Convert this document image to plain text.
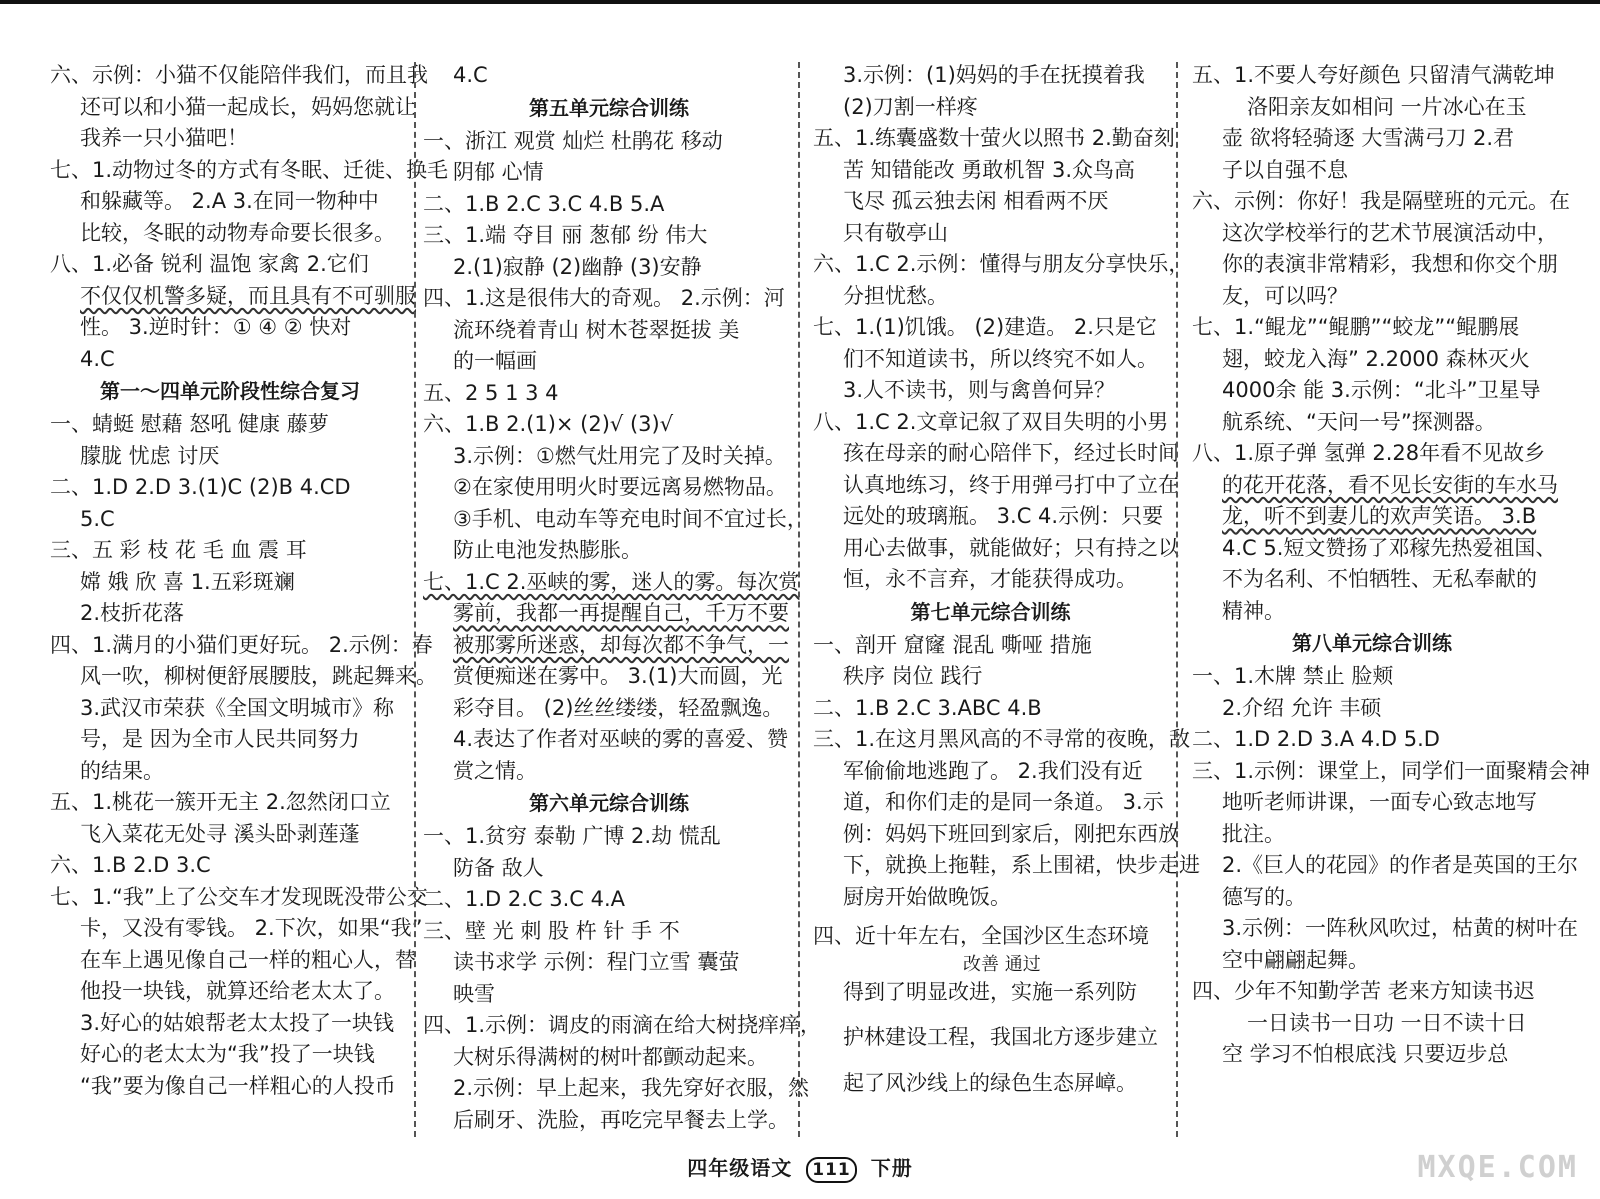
六、示例：小猫不仅能陪伴我们，而且我

还可以和小猫一起成长，妈妈您就让

我养一只小猫吧！

七、1.动物过冬的方式有冬眠、迁徙、换毛

和躲藏等。 2.A 3.在同一物种中

比较，冬眠的动物寿命要长很多。

八、1.必备 锐利 温饱 家禽 2.它们

不仅仅机警多疑，而且具有不可驯服

性。 3.逆时针：① ④ ② 快对

4.C

第一～四单元阶段性综合复习

一、蜻蜓 慰藉 怒吼 健康 藤萝

朦胧 忧虑 讨厌

二、1.D 2.D 3.(1)C (2)B 4.CD

5.C

三、五 彩 枝 花 毛 血 震 耳

嫦 娥 欣 喜 1.五彩斑斓

2.枝折花落

四、1.满月的小猫们更好玩。 2.示例：春

风一吹，柳树便舒展腰肢，跳起舞来。

3.武汉市荣获《全国文明城市》称

号，是 因为全市人民共同努力

的结果。

五、1.桃花一簇开无主 2.忽然闭口立

飞入菜花无处寻 溪头卧剥莲蓬

六、1.B 2.D 3.C

七、1.“我”上了公交车才发现既没带公交

卡，又没有零钱。 2.下次，如果“我”

在车上遇见像自己一样的粗心人，替

他投一块钱，就算还给老太太了。

3.好心的姑娘帮老太太投了一块钱

好心的老太太为“我”投了一块钱

“我”要为像自己一样粗心的人投币

4.C

第五单元综合训练

一、浙江 观赏 灿烂 杜鹃花 移动

阴郁 心情

二、1.B 2.C 3.C 4.B 5.A

三、1.端 夺目 丽 葱郁 纷 伟大

2.(1)寂静 (2)幽静 (3)安静

四、1.这是很伟大的奇观。 2.示例：河

流环绕着青山 树木苍翠挺拔 美

的一幅画

五、2 5 1 3 4

六、1.B 2.(1)× (2)√ (3)√

3.示例：①燃气灶用完了及时关掉。

②在家使用明火时要远离易燃物品。

③手机、电动车等充电时间不宜过长，

防止电池发热膨胀。

七、1.C 2.巫峡的雾，迷人的雾。每次赏

雾前，我都一再提醒自己，千万不要

被那雾所迷惑，却每次都不争气，一

赏便痴迷在雾中。 3.(1)大而圆，光

彩夺目。 (2)丝丝缕缕，轻盈飘逸。

4.表达了作者对巫峡的雾的喜爱、赞

赏之情。

第六单元综合训练

一、1.贫穷 泰勒 广博 2.劫 慌乱

防备 敌人

二、1.D 2.C 3.C 4.A

三、壁 光 刺 股 杵 针 手 不

读书求学 示例：程门立雪 囊萤

映雪

四、1.示例：调皮的雨滴在给大树挠痒痒，

大树乐得满树的树叶都颤动起来。

2.示例：早上起来，我先穿好衣服，然

后刷牙、洗脸，再吃完早餐去上学。

3.示例：(1)妈妈的手在抚摸着我

(2)刀割一样疼

五、1.练囊盛数十萤火以照书 2.勤奋刻

苦 知错能改 勇敢机智 3.众鸟高

飞尽 孤云独去闲 相看两不厌

只有敬亭山

六、1.C 2.示例：懂得与朋友分享快乐，

分担忧愁。

七、1.(1)饥饿。 (2)建造。 2.只是它

们不知道读书，所以终究不如人。

3.人不读书，则与禽兽何异？

八、1.C 2.文章记叙了双目失明的小男

孩在母亲的耐心陪伴下，经过长时间

认真地练习，终于用弹弓打中了立在

远处的玻璃瓶。 3.C 4.示例：只要

用心去做事，就能做好；只有持之以

恒，永不言弃，才能获得成功。

第七单元综合训练

一、剖开 窟窿 混乱 嘶哑 措施

秩序 岗位 践行

二、1.B 2.C 3.ABC 4.B

三、1.在这月黑风高的不寻常的夜晚，敌

军偷偷地逃跑了。 2.我们没有近

道，和你们走的是同一条道。 3.示

例：妈妈下班回到家后，刚把东西放

下，就换上拖鞋，系上围裙，快步走进

厨房开始做晚饭。

四、近十年左右，全国沙区生态环境

改善 通过

得到了明显改进，实施一系列防

护林建设工程，我国北方逐步建立

起了风沙线上的绿色生态屏嶂。

五、1.不要人夸好颜色 只留清气满乾坤

洛阳亲友如相问 一片冰心在玉

壶 欲将轻骑逐 大雪满弓刀 2.君

子以自强不息

六、示例：你好！我是隔壁班的元元。在

这次学校举行的艺术节展演活动中，

你的表演非常精彩，我想和你交个朋

友，可以吗？

七、1.“鲲龙”“鲲鹏”“蛟龙”“鲲鹏展

翅，蛟龙入海” 2.2000 森林灭火

4000余 能 3.示例：“北斗”卫星导

航系统、“天问一号”探测器。

八、1.原子弹 氢弹 2.28年看不见故乡

的花开花落，看不见长安街的车水马

龙，听不到妻儿的欢声笑语。 3.B

4.C 5.短文赞扬了邓稼先热爱祖国、

不为名利、不怕牺牲、无私奉献的

精神。

第八单元综合训练

一、1.木牌 禁止 脸颊

2.介绍 允许 丰硕

二、1.D 2.D 3.A 4.D 5.D

三、1.示例：课堂上，同学们一面聚精会神

地听老师讲课，一面专心致志地写

批注。

2.《巨人的花园》的作者是英国的王尔

德写的。

3.示例：一阵秋风吹过，枯黄的树叶在

空中翩翩起舞。

四、少年不知勤学苦 老来方知读书迟

一日读书一日功 一日不读十日

空 学习不怕根底浅 只要迈步总

四年级语文 111 下册	MXQE.COM
